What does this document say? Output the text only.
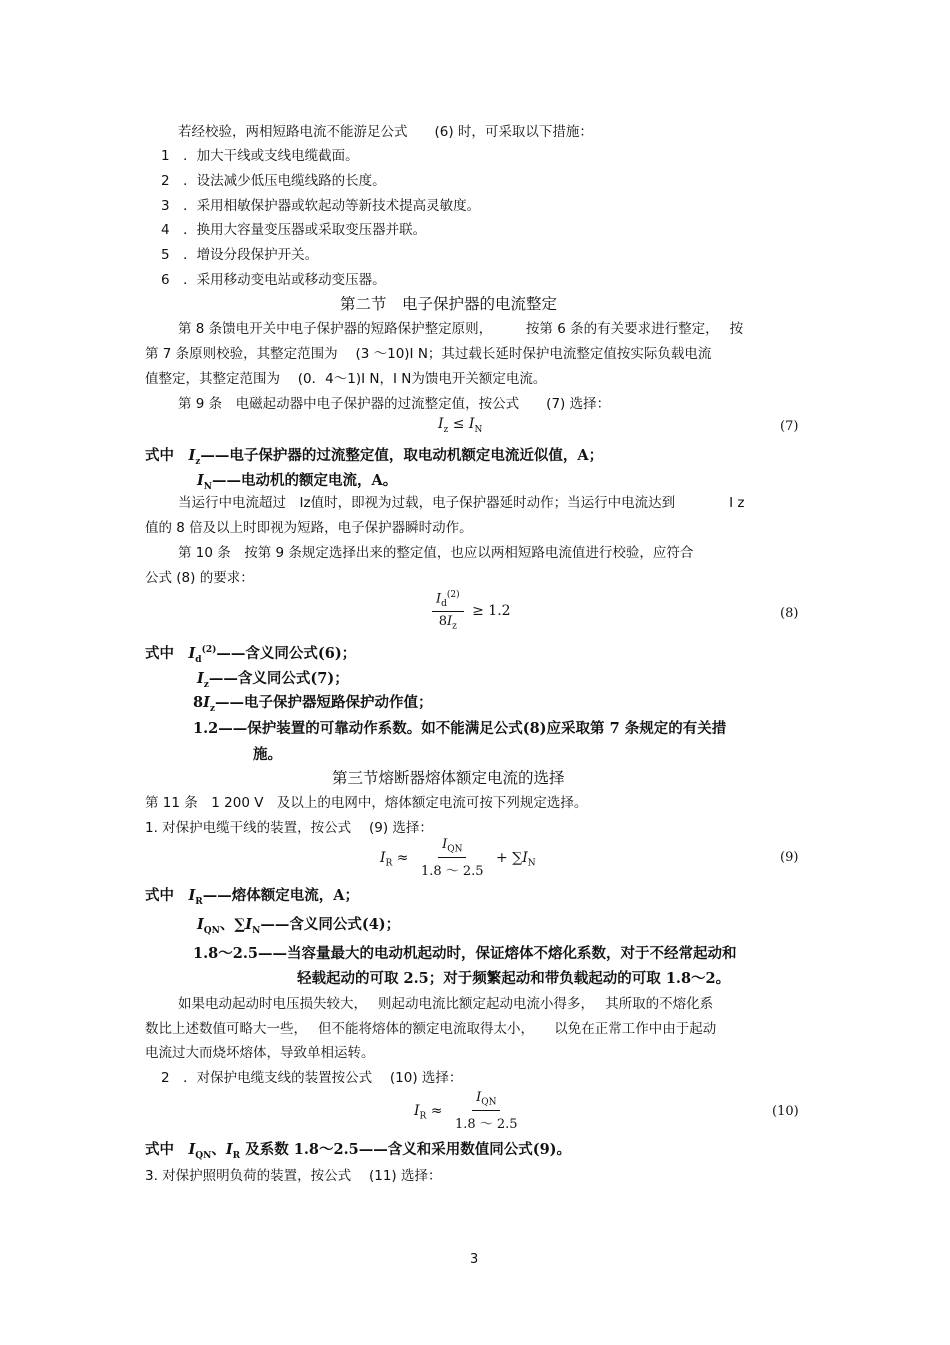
若经校验，两相短路电流不能游足公式　　(6) 时，可采取以下措施：
1　．加大干线或支线电缆截面。
2　．设法减少低压电缆线路的长度。
3　．采用相敏保护器或软起动等新技术提高灵敏度。
4　．换用大容量变压器或采取变压器并联。
5　．增设分段保护开关。
6　．采用移动变电站或移动变压器。
第二节　电子保护器的电流整定
第 8 条馈电开关中电子保护器的短路保护整定原则，　　　按第 6 条的有关要求进行整定，　 按
第 7 条原则校验，其整定范围为　 (3 ～10)I N；其过载长延时保护电流整定值按实际负载电流
值整定，其整定范围为　 (0．4～1)I N，I N为馈电开关额定电流。
第 9 条　电磁起动器中电子保护器的过流整定值，按公式　　(7) 选择：
$I_z \le I_N$	(7)
式中　$I_z——$电子保护器的过流整定值，取电动机额定电流近似值，A；
$I_N——$电动机的额定电流，A。
当运行中电流超过　Iz值时，即视为过载，电子保护器延时动作；当运行中电流达到　　　　I z
值的 8 倍及以上时即视为短路，电子保护器瞬时动作。
第 10 条　按第 9 条规定选择出来的整定值，也应以两相短路电流值进行校验，应符合
公式 (8) 的要求：
$\frac{I_d^{(2)}}{8I_z} \ge 1.2$	(8)
式中　$I_d^{(2)}——$含义同公式(6)；
$I_z——$含义同公式(7)；
$8I_z——$电子保护器短路保护动作值；
1.2——保护装置的可靠动作系数。如不能满足公式(8)应采取第 7 条规定的有关措
施。
第三节熔断器熔体额定电流的选择
第 11 条　1 200 V　及以上的电网中，熔体额定电流可按下列规定选择。
1. 对保护电缆干线的装置，按公式　 (9) 选择：
$I_R \approx \frac{I_{QN}}{1.8 \sim 2.5} + \sum I_N$	(9)
式中　$I_R——$熔体额定电流，A；
$I_{QN}$、$\sum I_N——$含义同公式(4)；
1.8～2.5——当容量最大的电动机起动时，保证熔体不熔化系数，对于不经常起动和
轻载起动的可取 2.5；对于频繁起动和带负载起动的可取 1.8～2。
如果电动起动时电压损失较大，　 则起动电流比额定起动电流小得多，　 其所取的不熔化系
数比上述数值可略大一些，　 但不能将熔体的额定电流取得太小，　　以免在正常工作中由于起动
电流过大而烧坏熔体，导致单相运转。
2　．对保护电缆支线的装置按公式　 (10) 选择：
$I_R \approx \frac{I_{QN}}{1.8 \sim 2.5}$	(10)
式中　$I_{QN}$、$I_R$ 及系数 1.8～2.5——含义和采用数值同公式(9)。
3. 对保护照明负荷的装置，按公式　 (11) 选择：
3
